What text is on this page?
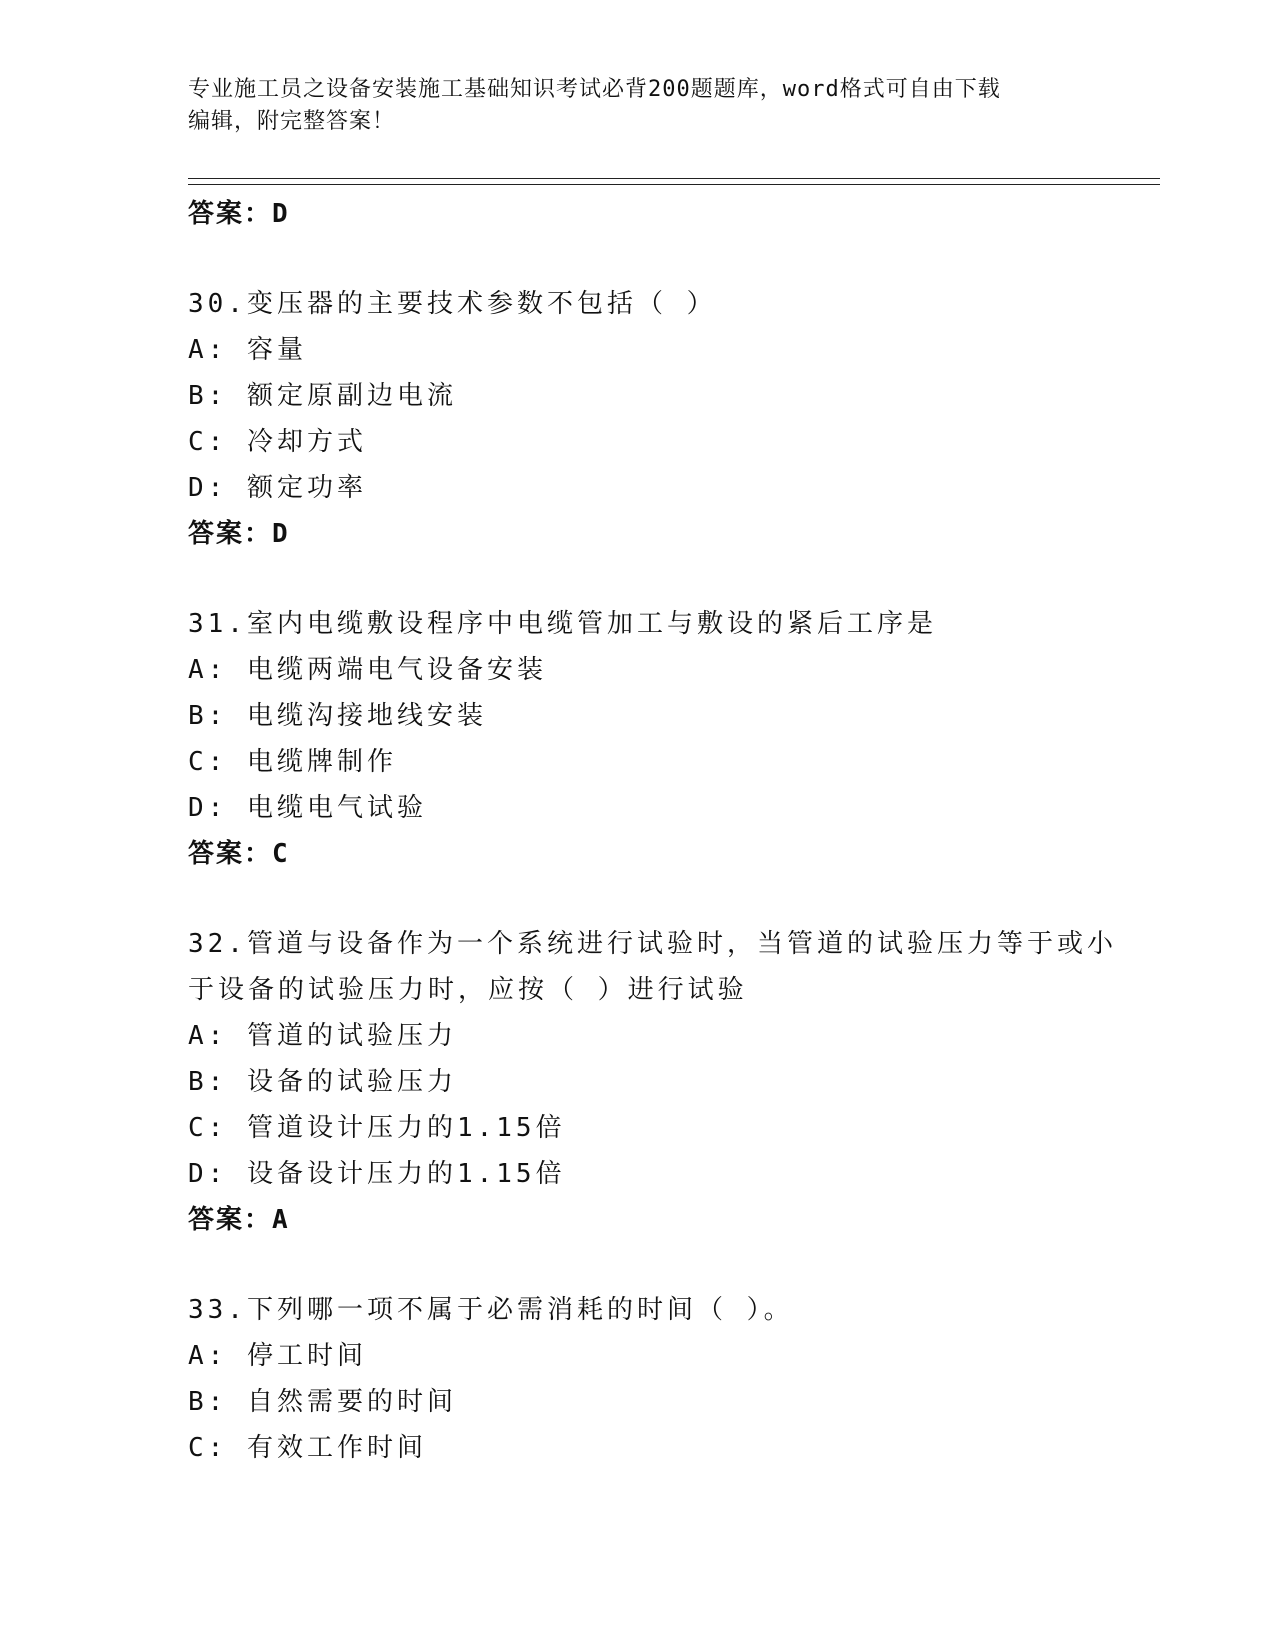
专业施工员之设备安装施工基础知识考试必背200题题库，word格式可自由下载
编辑，附完整答案！
答案：D
30.变压器的主要技术参数不包括（ ）
A: 容量
B: 额定原副边电流
C: 冷却方式
D: 额定功率
答案：D
31.室内电缆敷设程序中电缆管加工与敷设的紧后工序是
A: 电缆两端电气设备安装
B: 电缆沟接地线安装
C: 电缆牌制作
D: 电缆电气试验
答案：C
32.管道与设备作为一个系统进行试验时，当管道的试验压力等于或小
于设备的试验压力时，应按（ ）进行试验
A: 管道的试验压力
B: 设备的试验压力
C: 管道设计压力的1.15倍
D: 设备设计压力的1.15倍
答案：A
33.下列哪一项不属于必需消耗的时间（ ）。
A: 停工时间
B: 自然需要的时间
C: 有效工作时间
